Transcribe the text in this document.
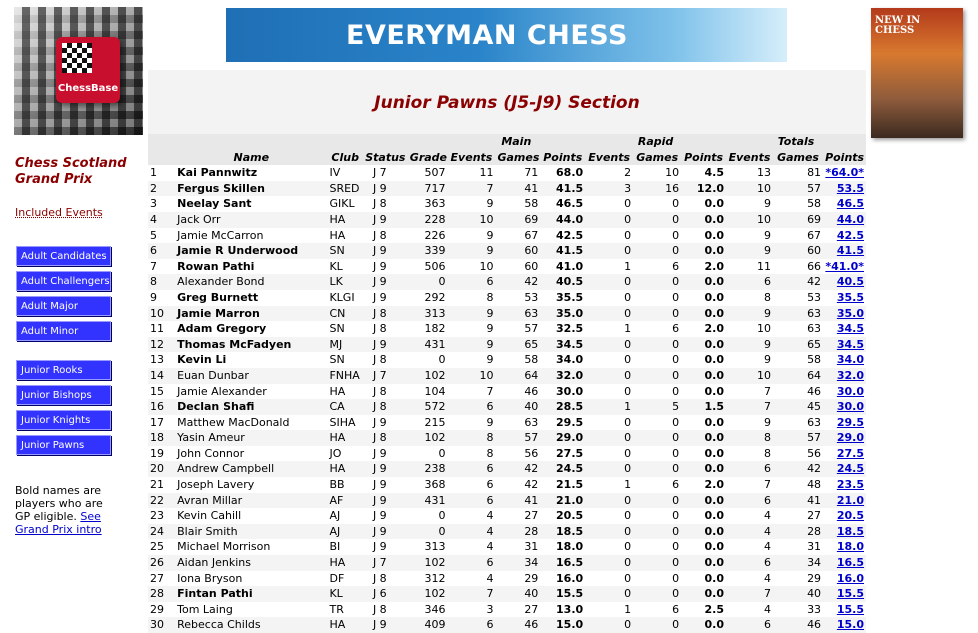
ChessBase
EVERYMAN CHESS	NEW IN CHESS
Chess Scotland Grand Prix
Included Events
Adult Candidates
Adult Challengers
Adult Major
Adult Minor
Junior Rooks
Junior Bishops
Junior Knights
Junior Pawns
Bold names are players who are GP eligible. See Grand Prix intro
Junior Pawns (J5-J9) Section
					Main			Rapid			Totals		
	Name	Club	Status	Grade	Events	Games	Points	Events	Games	Points	Events	Games	Points
1	Kai Pannwitz	IV	J 7	507	11	71	68.0	2	10	4.5	13	81	*64.0*
2	Fergus Skillen	SRED	J 9	717	7	41	41.5	3	16	12.0	10	57	53.5
3	Neelay Sant	GIKL	J 8	363	9	58	46.5	0	0	0.0	9	58	46.5
4	Jack Orr	HA	J 9	228	10	69	44.0	0	0	0.0	10	69	44.0
5	Jamie McCarron	HA	J 8	226	9	67	42.5	0	0	0.0	9	67	42.5
6	Jamie R Underwood	SN	J 9	339	9	60	41.5	0	0	0.0	9	60	41.5
7	Rowan Pathi	KL	J 9	506	10	60	41.0	1	6	2.0	11	66	*41.0*
8	Alexander Bond	LK	J 9	0	6	42	40.5	0	0	0.0	6	42	40.5
9	Greg Burnett	KLGI	J 9	292	8	53	35.5	0	0	0.0	8	53	35.5
10	Jamie Marron	CN	J 8	313	9	63	35.0	0	0	0.0	9	63	35.0
11	Adam Gregory	SN	J 8	182	9	57	32.5	1	6	2.0	10	63	34.5
12	Thomas McFadyen	MJ	J 9	431	9	65	34.5	0	0	0.0	9	65	34.5
13	Kevin Li	SN	J 8	0	9	58	34.0	0	0	0.0	9	58	34.0
14	Euan Dunbar	FNHA	J 7	102	10	64	32.0	0	0	0.0	10	64	32.0
15	Jamie Alexander	HA	J 8	104	7	46	30.0	0	0	0.0	7	46	30.0
16	Declan Shafi	CA	J 8	572	6	40	28.5	1	5	1.5	7	45	30.0
17	Matthew MacDonald	SIHA	J 9	215	9	63	29.5	0	0	0.0	9	63	29.5
18	Yasin Ameur	HA	J 8	102	8	57	29.0	0	0	0.0	8	57	29.0
19	John Connor	JO	J 9	0	8	56	27.5	0	0	0.0	8	56	27.5
20	Andrew Campbell	HA	J 9	238	6	42	24.5	0	0	0.0	6	42	24.5
21	Joseph Lavery	BB	J 9	368	6	42	21.5	1	6	2.0	7	48	23.5
22	Avran Millar	AF	J 9	431	6	41	21.0	0	0	0.0	6	41	21.0
23	Kevin Cahill	AJ	J 9	0	4	27	20.5	0	0	0.0	4	27	20.5
24	Blair Smith	AJ	J 9	0	4	28	18.5	0	0	0.0	4	28	18.5
25	Michael Morrison	BI	J 9	313	4	31	18.0	0	0	0.0	4	31	18.0
26	Aidan Jenkins	HA	J 7	102	6	34	16.5	0	0	0.0	6	34	16.5
27	Iona Bryson	DF	J 8	312	4	29	16.0	0	0	0.0	4	29	16.0
28	Fintan Pathi	KL	J 6	102	7	40	15.5	0	0	0.0	7	40	15.5
29	Tom Laing	TR	J 8	346	3	27	13.0	1	6	2.5	4	33	15.5
30	Rebecca Childs	HA	J 9	409	6	46	15.0	0	0	0.0	6	46	15.0
